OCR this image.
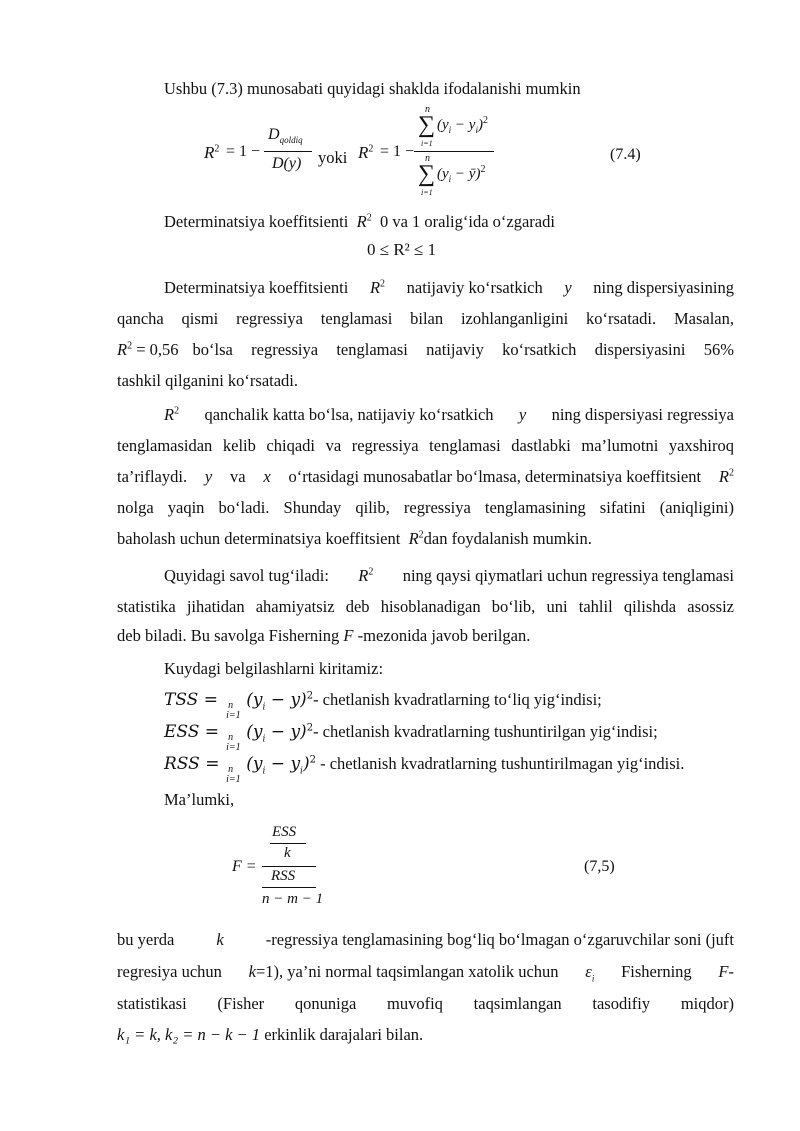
Ushbu (7.3) munosabati quyidagi shaklda ifodalanishi mumkin
$R^2 = 1$ −
$D_{qoldiq}$
D(y) yoki $R^2 = 1$ −
n
∑
i=1
$(y_i - y_i)^2$
n
∑
i=1
($y_i$ − ȳ)$^2$
(7.4)
Determinatsiya koeffitsienti  $R^2$ 0 va 1 oralig‘ida o‘zgaradi
0 ≤ R² ≤ 1
Determinatsiya koeffitsienti $R^2$ natijaviy ko‘rsatkich y ning dispersiyasining
qancha qismi regressiya tenglamasi bilan izohlanganligini ko‘rsatadi. Masalan,
$R^2 = 0,56$ bo‘lsa regressiya tenglamasi natijaviy ko‘rsatkich dispersiyasini 56%
tashkil qilganini ko‘rsatadi.
$R^2$ qanchalik katta bo‘lsa, natijaviy ko‘rsatkich y ning dispersiyasi regressiya
tenglamasidan kelib chiqadi va regressiya tenglamasi dastlabki ma’lumotni yaxshiroq
ta’riflaydi. y va x o‘rtasidagi munosabatlar bo‘lmasa, determinatsiya koeffitsient $R^2$
nolga yaqin bo‘ladi. Shunday qilib, regressiya tenglamasining sifatini (aniqligini)
baholash uchun determinatsiya koeffitsient  $R^2dan$ foydalanish mumkin.
Quyidagi savol tug‘iladi: $R^2$ ning qaysi qiymatlari uchun regressiya tenglamasi
statistika jihatidan ahamiyatsiz deb hisoblanadigan bo‘lib, uni tahlil qilishda asossiz
deb biladi. Bu savolga Fisherning F -mezonida javob berilgan.
Kuydagi belgilashlarni kiritamiz:
TSS = n
i=1
$(y_i - y)^2-$ chetlanish kvadratlarning to‘liq yig‘indisi;
ESS = n
i=1
$(y_i - y)^2-$ chetlanish kvadratlarning tushuntirilgan yig‘indisi;
RSS = n
i=1
$(y_i - y_i)^2$ - chetlanish kvadratlarning tushuntirilmagan yig‘indisi.
Ma’lumki,
F =
ESS
k
RSS
n − m − 1
(7,5)
bu yerda	k	-regressiya tenglamasining bog‘liq bo‘lmagan o‘zgaruvchilar soni (juft
regresiya uchun k=1), ya’ni normal taqsimlangan xatolik uchun $\varepsilon_i$ Fisherning F-
statistikasi (Fisher qonuniga muvofiq taqsimlangan tasodifiy miqdor)
k₁ = k, k₂ = n − k − 1 erkinlik darajalari bilan.
